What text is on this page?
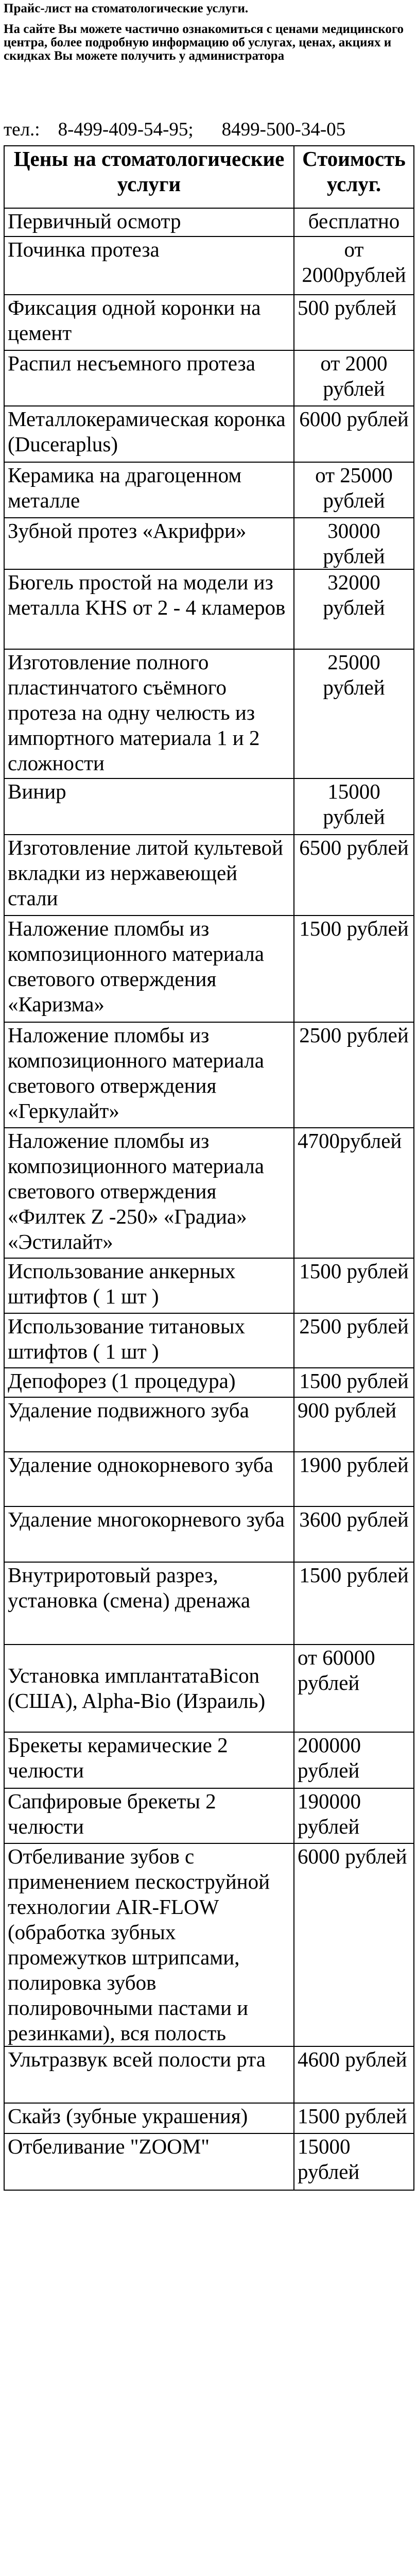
Прайс-лист на стоматологические услуги.
На сайте Вы можете частично ознакомиться с ценами медицинского центра, более подробную информацию об услугах, ценах, акциях и скидках Вы можете получить у администратора
тел.: 8-499-409-54-95; 8499-500-34-05
Цены на стоматологические услуги	Стоимость услуг.
Первичный осмотр	бесплатно
Починка протеза	от 2000рублей
Фиксация одной коронки на цемент	500 рублей
Распил несъемного протеза	от 2000 рублей
Металлокерамическая коронка (Duceraplus)	6000 рублей
Керамика на драгоценном металле	от 25000 рублей
Зубной протез «Акрифри»	30000 рублей
Бюгель простой на модели из металла KHS от 2 - 4 кламеров	32000 рублей
Изготовление полного пластинчатого съёмного протеза на одну челюсть из импортного материала 1 и 2 сложности	25000 рублей
Винир	15000 рублей
Изготовление литой культевой вкладки из нержавеющей стали	6500 рублей
Наложение пломбы из композиционного материала светового отверждения «Каризма»	1500 рублей
Наложение пломбы из композиционного материала светового отверждения «Геркулайт»	2500 рублей
Наложение пломбы из композиционного материала светового отверждения «Филтек Z -250» «Градиа» «Эстилайт»	4700рублей
Использование анкерных штифтов ( 1 шт )	1500 рублей
Использование титановых штифтов ( 1 шт )	2500 рублей
Депофорез (1 процедура)	1500 рублей
Удаление подвижного зуба	900 рублей
Удаление однокорневого зуба	1900 рублей
Удаление многокорневого зуба	3600 рублей
Внутриротовый разрез, установка (смена) дренажа	1500 рублей
Установка имплантатаBicon (США), Alpha-Bio (Израиль)	от 60000 рублей
Брекеты керамические 2 челюсти	200000 рублей
Сапфировые брекеты 2 челюсти	190000 рублей
Отбеливание зубов с применением пескоструйной технологии AIR-FLOW (обработка зубных промежутков штрипсами, полировка зубов полировочными пастами и резинками), вся полость	6000 рублей
Ультразвук всей полости рта	4600 рублей
Скайз (зубные украшения)	1500 рублей
Отбеливание "ZOOM"	15000 рублей
